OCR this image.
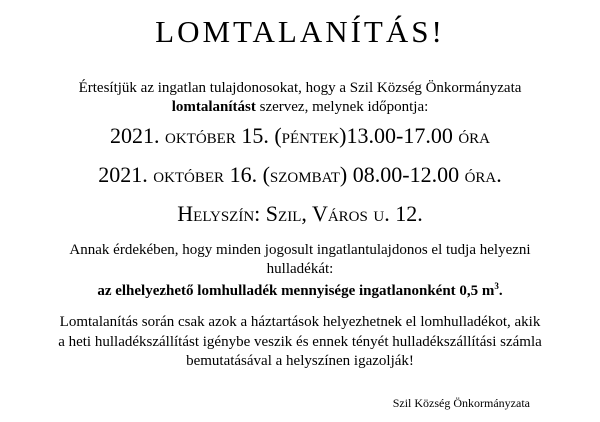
LOMTALANÍTÁS!
Értesítjük az ingatlan tulajdonosokat, hogy a Szil Község Önkormányzata
lomtalanítást szervez, melynek időpontja:
2021. október 15. (péntek)13.00-17.00 óra
2021. október 16. (szombat) 08.00-12.00 óra.
Helyszín: Szil, Város u. 12.
Annak érdekében, hogy minden jogosult ingatlantulajdonos el tudja helyezni
hulladékát:
az elhelyezhető lomhulladék mennyisége ingatlanonként 0,5 $m^3$.
Lomtalanítás során csak azok a háztartások helyezhetnek el lomhulladékot, akik
a heti hulladékszállítást igénybe veszik és ennek tényét hulladékszállítási számla
bemutatásával a helyszínen igazolják!
Szil Község Önkormányzata
